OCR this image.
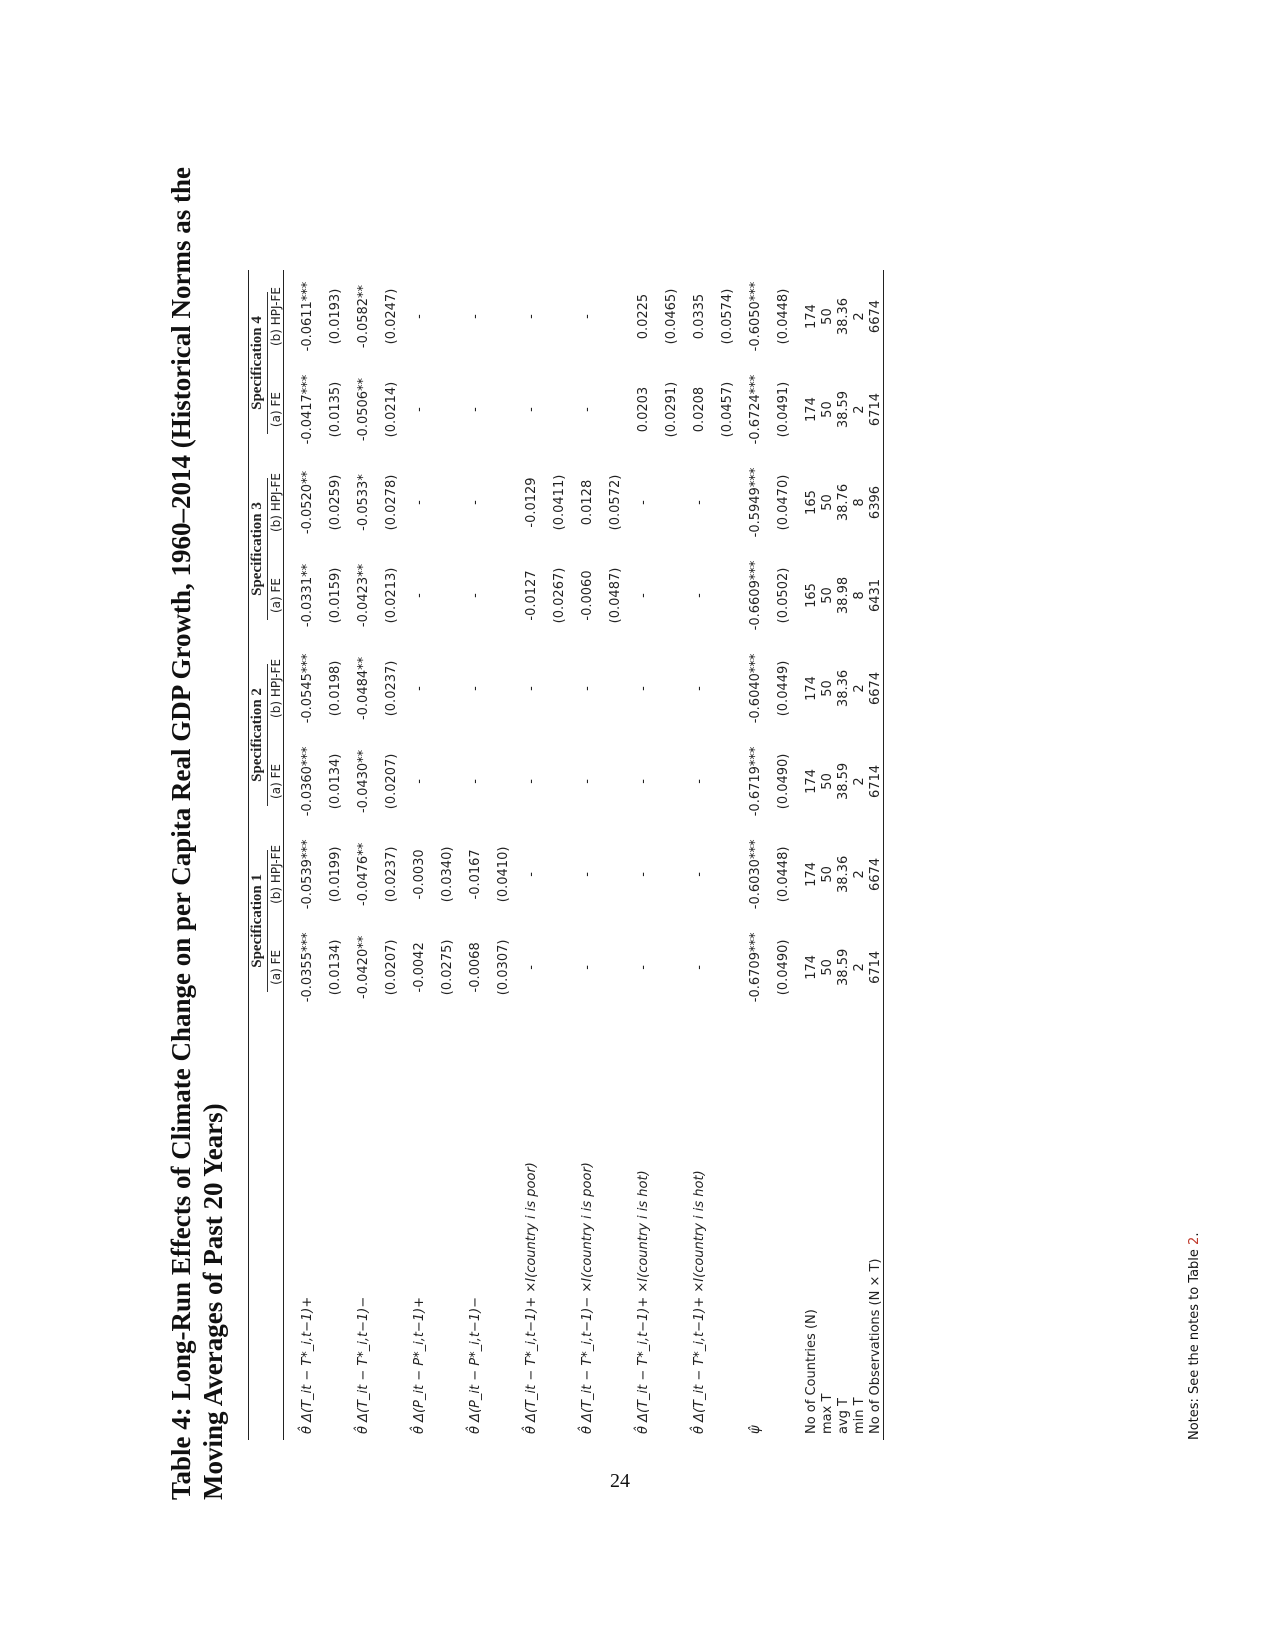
Table 4: Long-Run Effects of Climate Change on per Capita Real GDP Growth, 1960–2014 (Historical Norms as the Moving Averages of Past 20 Years)
	Specification 1		Specification 2		Specification 3		Specification 4	
	(a) FE	(b) HPJ-FE	(a) FE	(b) HPJ-FE	(a) FE	(b) HPJ-FE	(a) FE	(b) HPJ-FE

θ̂ Δ(T_it − T*_i,t−1)+	-0.0355***	-0.0539***	-0.0360***	-0.0545***	-0.0331**	-0.0520**	-0.0417***	-0.0611***
	(0.0134)	(0.0199)	(0.0134)	(0.0198)	(0.0159)	(0.0259)	(0.0135)	(0.0193)
θ̂ Δ(T_it − T*_i,t−1)−	-0.0420**	-0.0476**	-0.0430**	-0.0484**	-0.0423**	-0.0533*	-0.0506**	-0.0582**
	(0.0207)	(0.0237)	(0.0207)	(0.0237)	(0.0213)	(0.0278)	(0.0214)	(0.0247)
θ̂ Δ(P_it − P*_i,t−1)+	-0.0042	-0.0030	-	-	-	-	-	-
	(0.0275)	(0.0340)						
θ̂ Δ(P_it − P*_i,t−1)−	-0.0068	-0.0167	-	-	-	-	-	-
	(0.0307)	(0.0410)						
θ̂ Δ(T_it − T*_i,t−1)+ ×I(country i is poor)	-	-	-	-	-0.0127	-0.0129	-	-
					(0.0267)	(0.0411)		
θ̂ Δ(T_it − T*_i,t−1)− ×I(country i is poor)	-	-	-	-	-0.0060	0.0128	-	-
					(0.0487)	(0.0572)		
θ̂ Δ(T_it − T*_i,t−1)+ ×I(country i is hot)	-	-	-	-	-	-	0.0203	0.0225
							(0.0291)	(0.0465)
θ̂ Δ(T_it − T*_i,t−1)+ ×I(country i is hot)	-	-	-	-	-	-	0.0208	0.0335
							(0.0457)	(0.0574)
ψ̂	-0.6709***	-0.6030***	-0.6719***	-0.6040***	-0.6609***	-0.5949***	-0.6724***	-0.6050***
	(0.0490)	(0.0448)	(0.0490)	(0.0449)	(0.0502)	(0.0470)	(0.0491)	(0.0448)

No of Countries (N)	174	174	174	174	165	165	174	174
max T	50	50	50	50	50	50	50	50
avg T	38.59	38.36	38.59	38.36	38.98	38.76	38.59	38.36
min T	2	2	2	2	8	8	2	2
No of Observations (N × T)	6714	6674	6714	6674	6431	6396	6714	6674
Notes: See the notes to Table 2.
24
